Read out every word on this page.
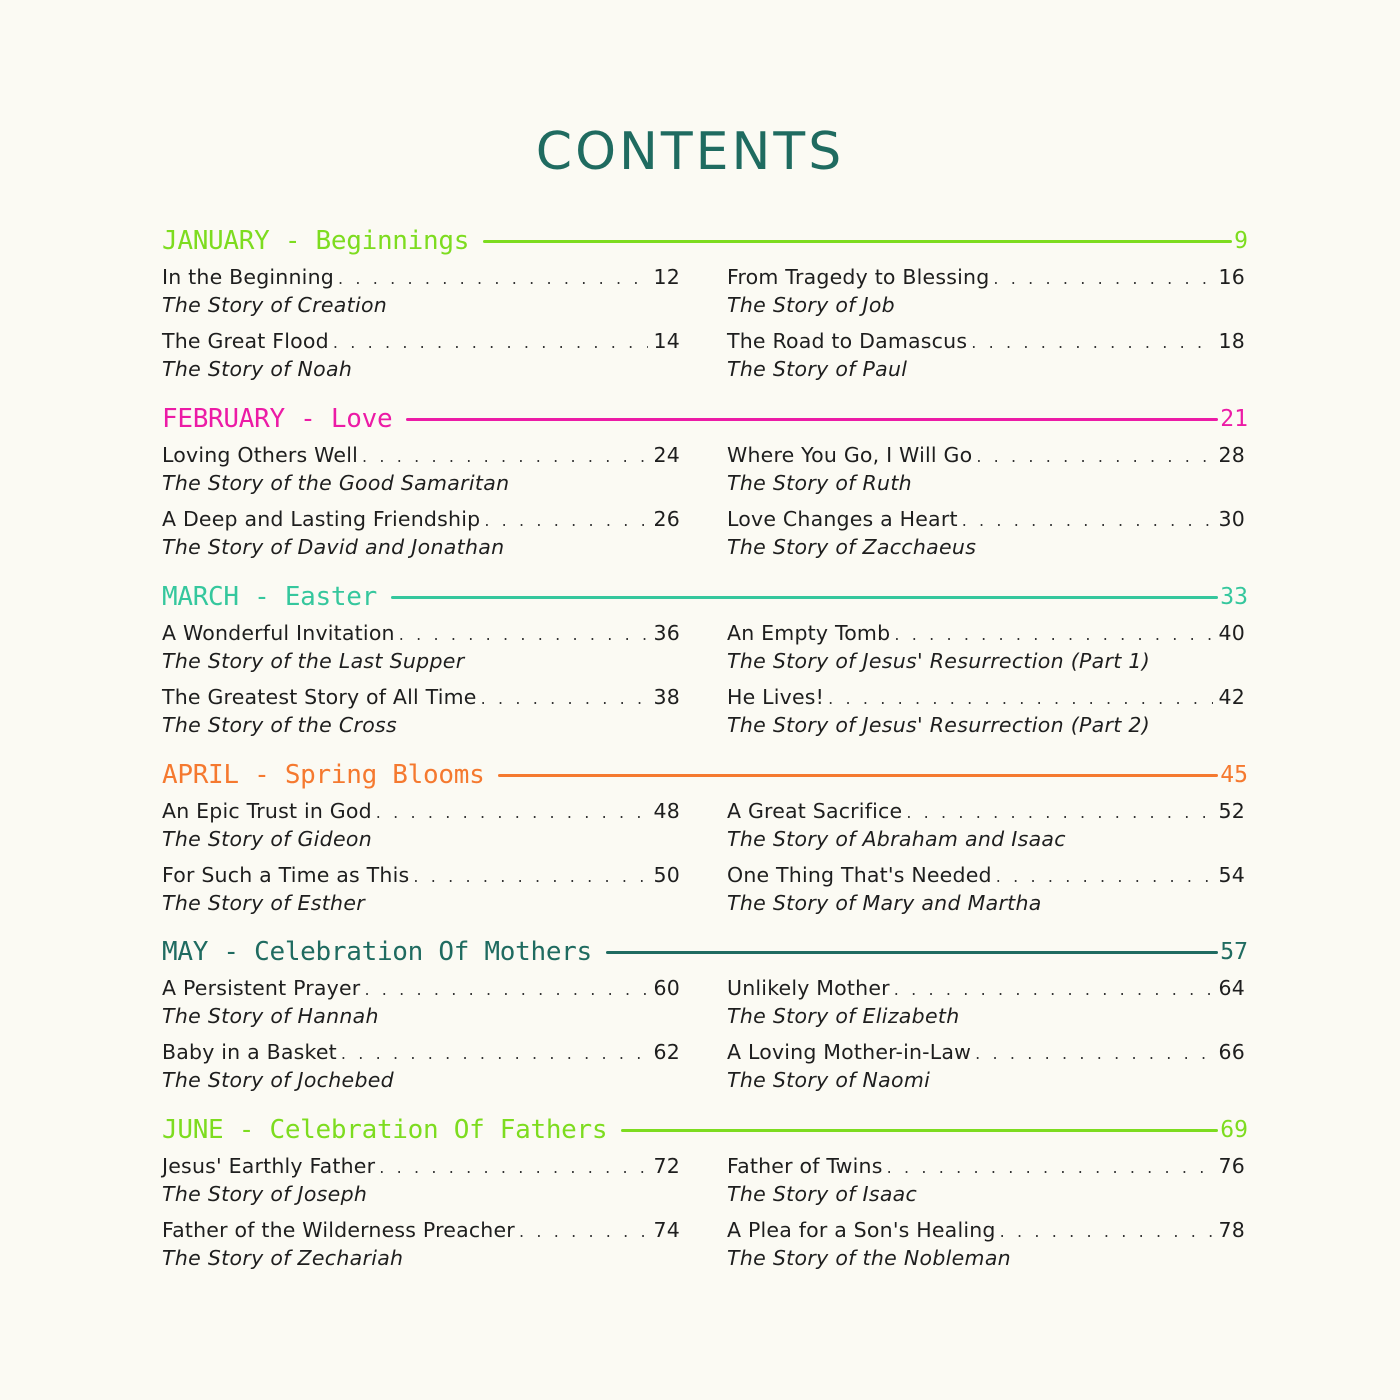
CONTENTS
JANUARY - Beginnings	9
In the Beginning . . .	12
The Story of Creation
The Great Flood . . .	14
The Story of Noah
From Tragedy to Blessing . . .	16
The Story of Job
The Road to Damascus . . .	18
The Story of Paul
FEBRUARY - Love	21
Loving Others Well . . .	24
The Story of the Good Samaritan
A Deep and Lasting Friendship . . .	26
The Story of David and Jonathan
Where You Go, I Will Go . . .	28
The Story of Ruth
Love Changes a Heart . . .	30
The Story of Zacchaeus
MARCH - Easter	33
A Wonderful Invitation . . .	36
The Story of the Last Supper
The Greatest Story of All Time . . .	38
The Story of the Cross
An Empty Tomb . . .	40
The Story of Jesus' Resurrection (Part 1)
He Lives! . . .	42
The Story of Jesus' Resurrection (Part 2)
APRIL - Spring Blooms	45
An Epic Trust in God . . .	48
The Story of Gideon
For Such a Time as This . . .	50
The Story of Esther
A Great Sacrifice . . .	52
The Story of Abraham and Isaac
One Thing That's Needed . . .	54
The Story of Mary and Martha
MAY - Celebration Of Mothers	57
A Persistent Prayer . . .	60
The Story of Hannah
Baby in a Basket . . .	62
The Story of Jochebed
Unlikely Mother . . .	64
The Story of Elizabeth
A Loving Mother-in-Law . . .	66
The Story of Naomi
JUNE - Celebration Of Fathers	69
Jesus' Earthly Father . . .	72
The Story of Joseph
Father of the Wilderness Preacher . . .	74
The Story of Zechariah
Father of Twins . . .	76
The Story of Isaac
A Plea for a Son's Healing . . .	78
The Story of the Nobleman
